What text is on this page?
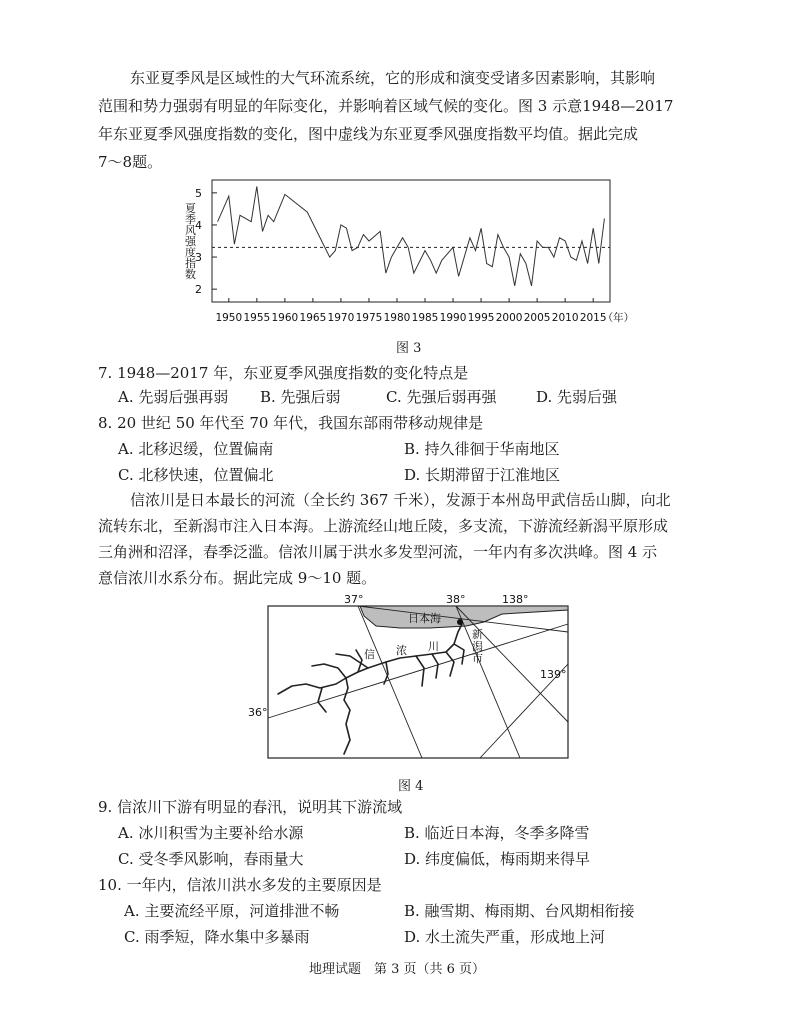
东亚夏季风是区域性的大气环流系统，它的形成和演变受诸多因素影响，其影响
范围和势力强弱有明显的年际变化，并影响着区域气候的变化。图 3 示意1948—2017
年东亚夏季风强度指数的变化，图中虚线为东亚夏季风强度指数平均值。据此完成
7～8题。
2
3
4
5
1950 1955 1960 1965 1970 1975 1980 1985 1990 1995 2000 2005 2010 2015
（年）
夏季风强度指数
图 3
7. 1948—2017 年，东亚夏季风强度指数的变化特点是
A. 先弱后强再弱 B. 先强后弱	C. 先强后弱再强	D. 先弱后强
8. 20 世纪 50 年代至 70 年代，我国东部雨带移动规律是
A. 北移迟缓，位置偏南	B. 持久徘徊于华南地区
C. 北移快速，位置偏北	D. 长期滞留于江淮地区
信浓川是日本最长的河流（全长约 367 千米），发源于本州岛甲武信岳山脚，向北
流转东北，至新潟市注入日本海。上游流经山地丘陵，多支流，下游流经新潟平原形成
三角洲和沼泽，春季泛滥。信浓川属于洪水多发型河流，一年内有多次洪峰。图 4 示
意信浓川水系分布。据此完成 9～10 题。
37°	38°	138°
139°
36°
日本海
新
潟
市
信 浓 川
图 4
9. 信浓川下游有明显的春汛，说明其下游流域
A. 冰川积雪为主要补给水源	B. 临近日本海，冬季多降雪
C. 受冬季风影响，春雨量大	D. 纬度偏低，梅雨期来得早
10. 一年内，信浓川洪水多发的主要原因是
A. 主要流经平原，河道排泄不畅	B. 融雪期、梅雨期、台风期相衔接
C. 雨季短，降水集中多暴雨	D. 水土流失严重，形成地上河
地理试题　第 3 页（共 6 页）
